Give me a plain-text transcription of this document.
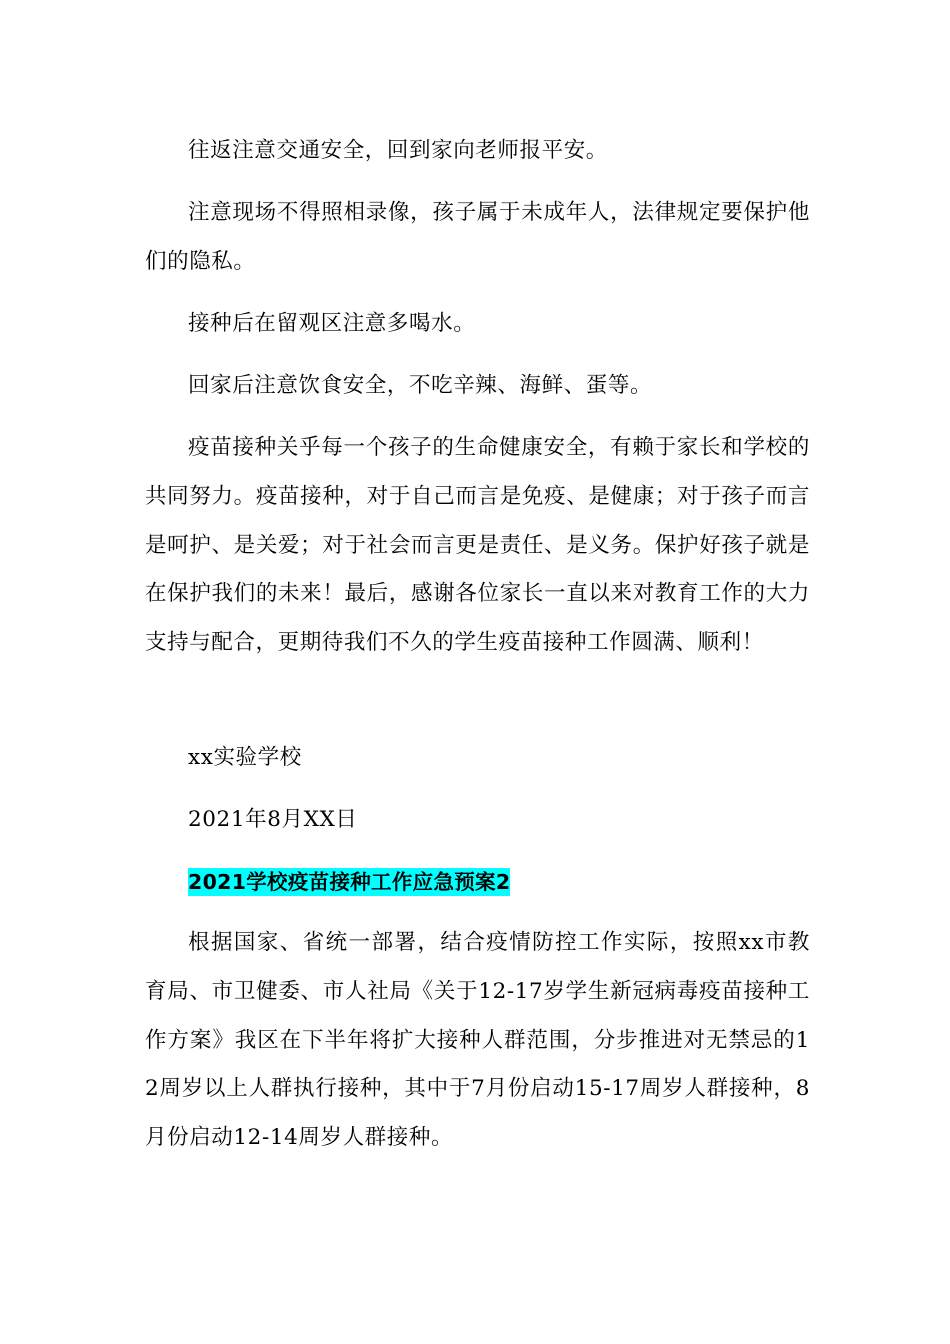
往返注意交通安全，回到家向老师报平安。

注意现场不得照相录像，孩子属于未成年人，法律规定要保护他们的隐私。

接种后在留观区注意多喝水。

回家后注意饮食安全，不吃辛辣、海鲜、蛋等。

疫苗接种关乎每一个孩子的生命健康安全，有赖于家长和学校的共同努力。疫苗接种，对于自己而言是免疫、是健康；对于孩子而言是呵护、是关爱；对于社会而言更是责任、是义务。保护好孩子就是在保护我们的未来！最后，感谢各位家长一直以来对教育工作的大力支持与配合，更期待我们不久的学生疫苗接种工作圆满、顺利！

xx实验学校

2021年8月XX日

2021学校疫苗接种工作应急预案2

根据国家、省统一部署，结合疫情防控工作实际，按照xx市教育局、市卫健委、市人社局《关于12-17岁学生新冠病毒疫苗接种工作方案》我区在下半年将扩大接种人群范围，分步推进对无禁忌的12周岁以上人群执行接种，其中于7月份启动15-17周岁人群接种，8月份启动12-14周岁人群接种。
